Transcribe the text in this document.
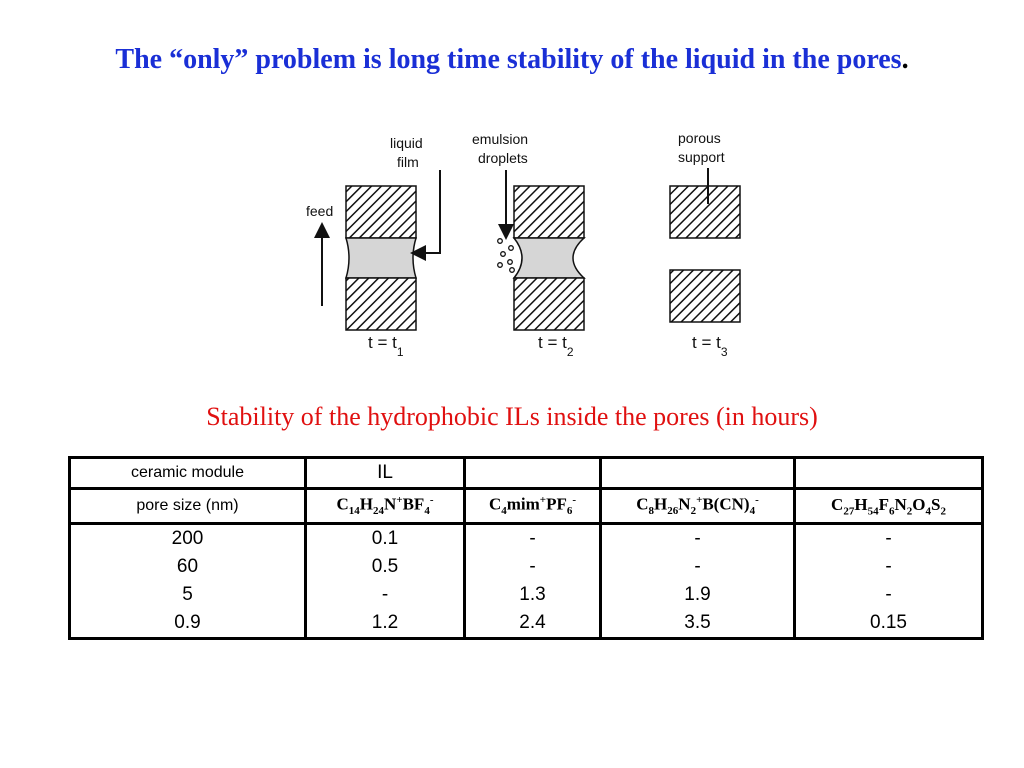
The “only” problem is long time stability of the liquid in the pores.
feed
liquid
film
$t = t_1$
emulsion
droplets
$t = t_2$
porous
support
$t = t_3$
Stability of the hydrophobic ILs inside the pores (in hours)
ceramic module	IL			
pore size (nm)	$C_{14}H_{24}N^+BF_4^-$	$C_4mim^+PF_6^-$	$C_8H_{26}N_2^+B(CN)_4^-$	$C_{27}H_{54}F_6N_2O_4S_2$
200	0.1	-	-	-
60	0.5	-	-	-
5	-	1.3	1.9	-
0.9	1.2	2.4	3.5	0.15
